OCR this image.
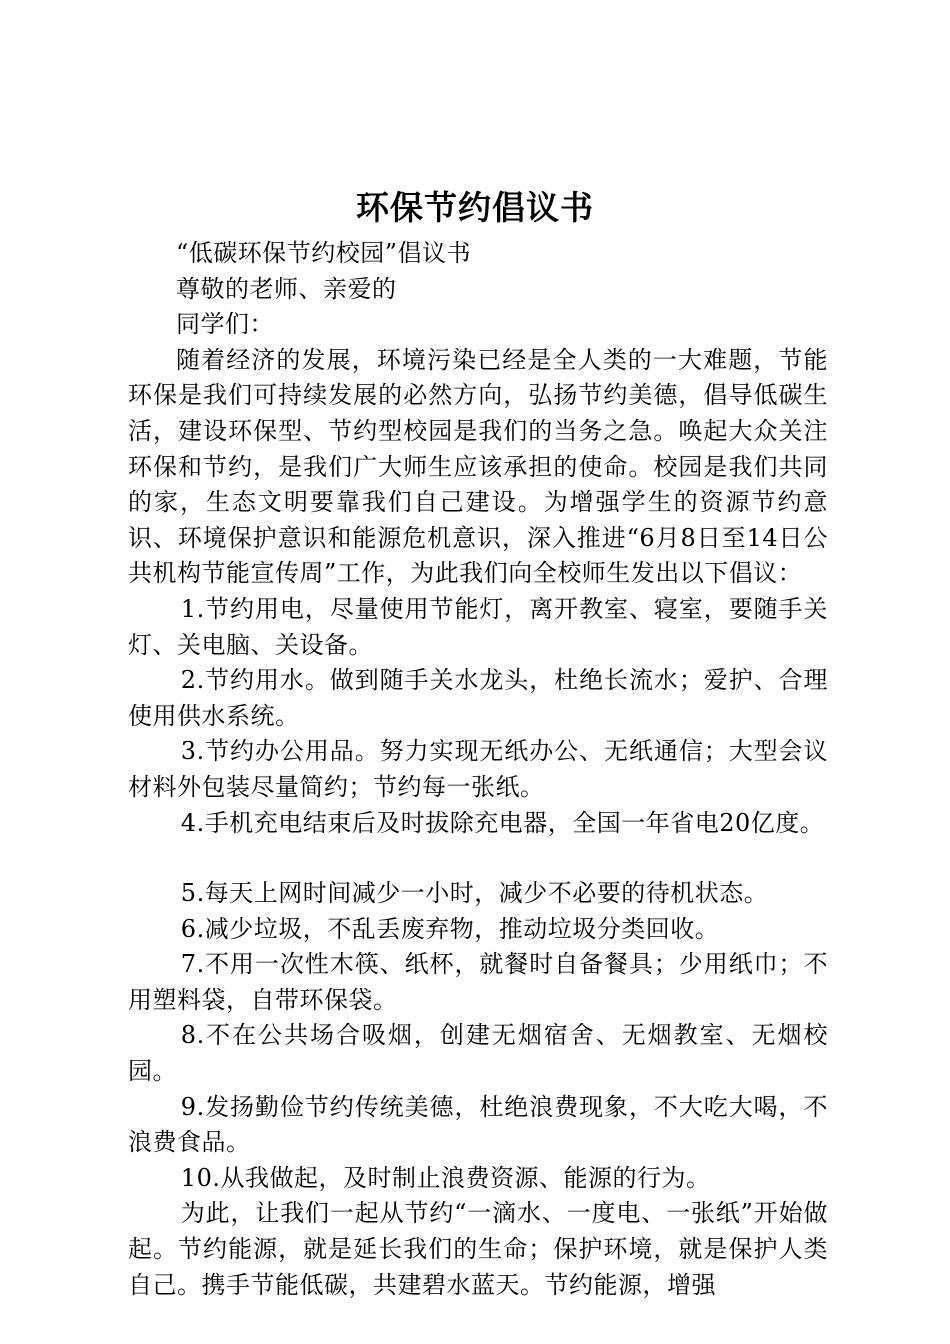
环保节约倡议书

“低碳环保节约校园”倡议书

尊敬的老师、亲爱的

同学们：

随着经济的发展，环境污染已经是全人类的一大难题，节能环保是我们可持续发展的必然方向，弘扬节约美德，倡导低碳生活，建设环保型、节约型校园是我们的当务之急。唤起大众关注环保和节约，是我们广大师生应该承担的使命。校园是我们共同的家，生态文明要靠我们自己建设。为增强学生的资源节约意识、环境保护意识和能源危机意识，深入推进“6月8日至14日公共机构节能宣传周”工作，为此我们向全校师生发出以下倡议：

1.节约用电，尽量使用节能灯，离开教室、寝室，要随手关灯、关电脑、关设备。

2.节约用水。做到随手关水龙头，杜绝长流水；爱护、合理使用供水系统。

3.节约办公用品。努力实现无纸办公、无纸通信；大型会议材料外包装尽量简约；节约每一张纸。

4.手机充电结束后及时拔除充电器，全国一年省电20亿度。

5.每天上网时间减少一小时，减少不必要的待机状态。

6.减少垃圾，不乱丢废弃物，推动垃圾分类回收。

7.不用一次性木筷、纸杯，就餐时自备餐具；少用纸巾；不用塑料袋，自带环保袋。

8.不在公共场合吸烟，创建无烟宿舍、无烟教室、无烟校园。

9.发扬勤俭节约传统美德，杜绝浪费现象，不大吃大喝，不浪费食品。

10.从我做起，及时制止浪费资源、能源的行为。

为此，让我们一起从节约“一滴水、一度电、一张纸”开始做起。节约能源，就是延长我们的生命；保护环境，就是保护人类自己。携手节能低碳，共建碧水蓝天。节约能源，增强
